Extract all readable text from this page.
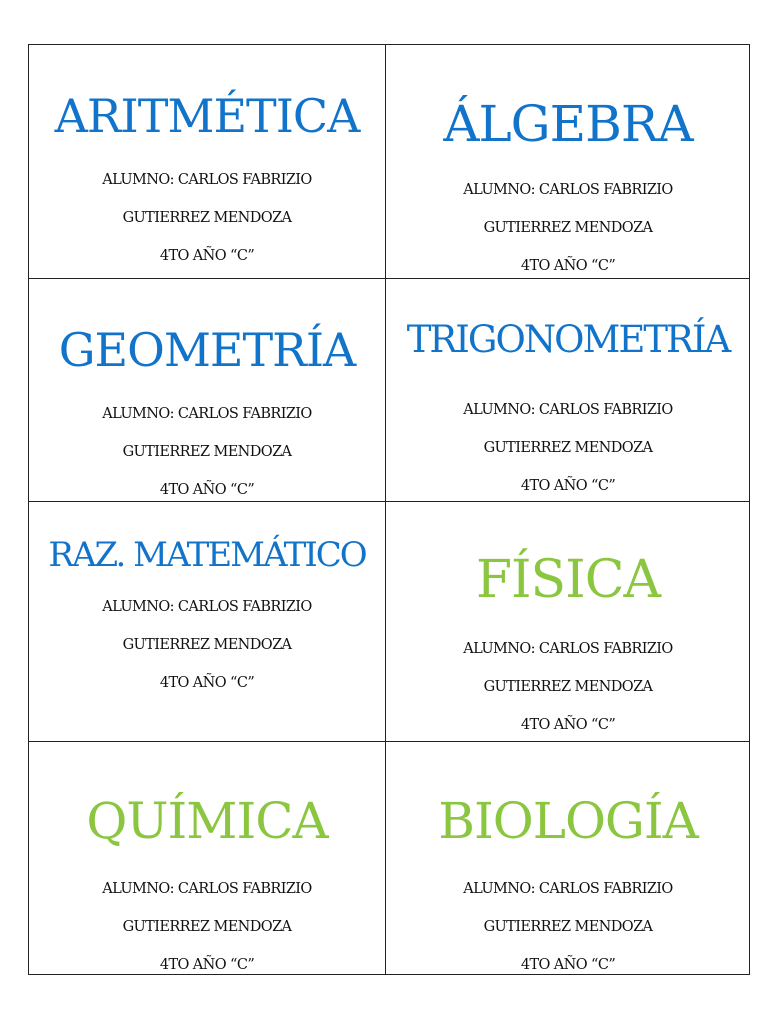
ARITMÉTICA
ALUMNO: CARLOS FABRIZIO
GUTIERREZ MENDOZA
4TO AÑO “C”
ÁLGEBRA
ALUMNO: CARLOS FABRIZIO
GUTIERREZ MENDOZA
4TO AÑO “C”
GEOMETRÍA
ALUMNO: CARLOS FABRIZIO
GUTIERREZ MENDOZA
4TO AÑO “C”
TRIGONOMETRÍA
ALUMNO: CARLOS FABRIZIO
GUTIERREZ MENDOZA
4TO AÑO “C”
RAZ. MATEMÁTICO
ALUMNO: CARLOS FABRIZIO
GUTIERREZ MENDOZA
4TO AÑO “C”
FÍSICA
ALUMNO: CARLOS FABRIZIO
GUTIERREZ MENDOZA
4TO AÑO “C”
QUÍMICA
ALUMNO: CARLOS FABRIZIO
GUTIERREZ MENDOZA
4TO AÑO “C”
BIOLOGÍA
ALUMNO: CARLOS FABRIZIO
GUTIERREZ MENDOZA
4TO AÑO “C”
